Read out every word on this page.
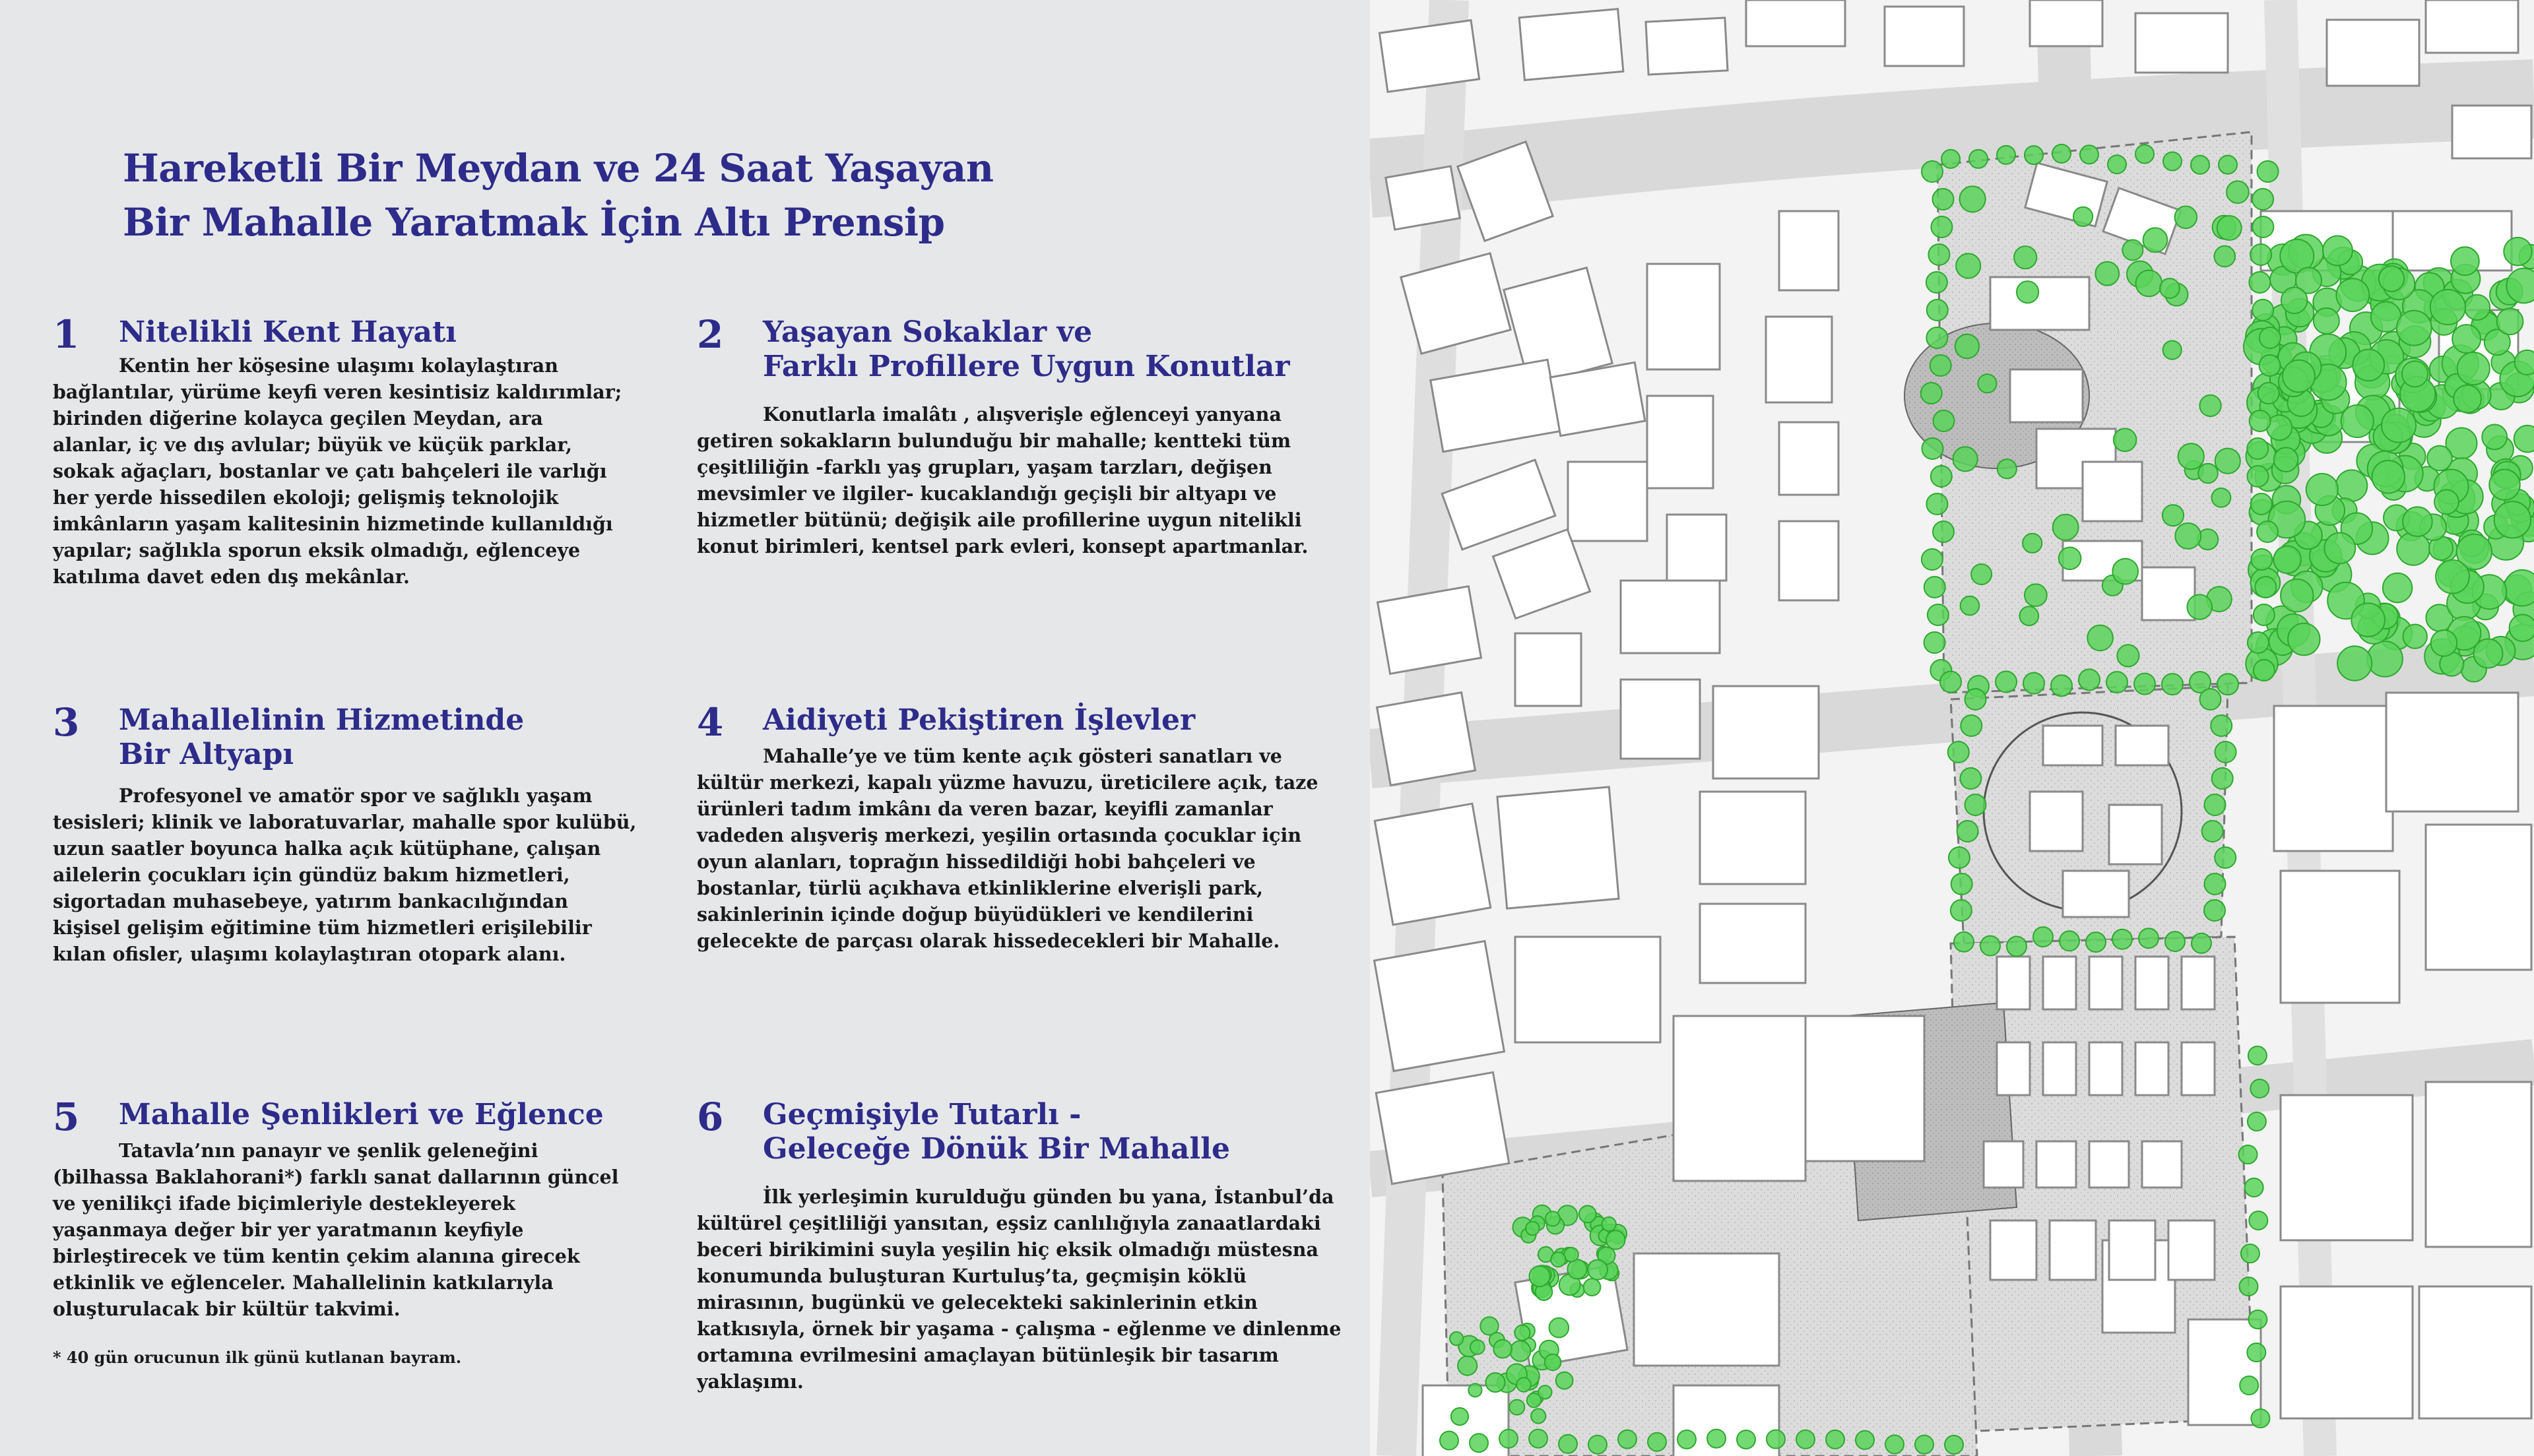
Hareketli Bir Meydan ve 24 Saat Yaşayan
Bir Mahalle Yaratmak İçin Altı Prensip
1 Nitelikli Kent Hayatı
Kentin her köşesine ulaşımı kolaylaştıran
bağlantılar, yürüme keyfi veren kesintisiz kaldırımlar;
birinden diğerine kolayca geçilen Meydan, ara
alanlar, iç ve dış avlular; büyük ve küçük parklar,
sokak ağaçları, bostanlar ve çatı bahçeleri ile varlığı
her yerde hissedilen ekoloji; gelişmiş teknolojik
imkânların yaşam kalitesinin hizmetinde kullanıldığı
yapılar; sağlıkla sporun eksik olmadığı, eğlenceye
katılıma davet eden dış mekânlar.
2 Yaşayan Sokaklar ve
Farklı Profillere Uygun Konutlar
Konutlarla imalâtı , alışverişle eğlenceyi yanyana
getiren sokakların bulunduğu bir mahalle; kentteki tüm
çeşitliliğin -farklı yaş grupları, yaşam tarzları, değişen
mevsimler ve ilgiler- kucaklandığı geçişli bir altyapı ve
hizmetler bütünü; değişik aile profillerine uygun nitelikli
konut birimleri, kentsel park evleri, konsept apartmanlar.
3 Mahallelinin Hizmetinde
Bir Altyapı
Profesyonel ve amatör spor ve sağlıklı yaşam
tesisleri; klinik ve laboratuvarlar, mahalle spor kulübü,
uzun saatler boyunca halka açık kütüphane, çalışan
ailelerin çocukları için gündüz bakım hizmetleri,
sigortadan muhasebeye, yatırım bankacılığından
kişisel gelişim eğitimine tüm hizmetleri erişilebilir
kılan ofisler, ulaşımı kolaylaştıran otopark alanı.
4 Aidiyeti Pekiştiren İşlevler
Mahalle’ye ve tüm kente açık gösteri sanatları ve
kültür merkezi, kapalı yüzme havuzu, üreticilere açık, taze
ürünleri tadım imkânı da veren bazar, keyifli zamanlar
vadeden alışveriş merkezi, yeşilin ortasında çocuklar için
oyun alanları, toprağın hissedildiği hobi bahçeleri ve
bostanlar, türlü açıkhava etkinliklerine elverişli park,
sakinlerinin içinde doğup büyüdükleri ve kendilerini
gelecekte de parçası olarak hissedecekleri bir Mahalle.
5 Mahalle Şenlikleri ve Eğlence
Tatavla’nın panayır ve şenlik geleneğini
(bilhassa Baklahorani*) farklı sanat dallarının güncel
ve yenilikçi ifade biçimleriyle destekleyerek
yaşanmaya değer bir yer yaratmanın keyfiyle
birleştirecek ve tüm kentin çekim alanına girecek
etkinlik ve eğlenceler. Mahallelinin katkılarıyla
oluşturulacak bir kültür takvimi.
6 Geçmişiyle Tutarlı -
Geleceğe Dönük Bir Mahalle
İlk yerleşimin kurulduğu günden bu yana, İstanbul’da
kültürel çeşitliliği yansıtan, eşsiz canlılığıyla zanaatlardaki
beceri birikimini suyla yeşilin hiç eksik olmadığı müstesna
konumunda buluşturan Kurtuluş’ta, geçmişin köklü
mirasının, bugünkü ve gelecekteki sakinlerinin etkin
katkısıyla, örnek bir yaşama - çalışma - eğlenme ve dinlenme
ortamına evrilmesini amaçlayan bütünleşik bir tasarım
yaklaşımı.
* 40 gün orucunun ilk günü kutlanan bayram.
